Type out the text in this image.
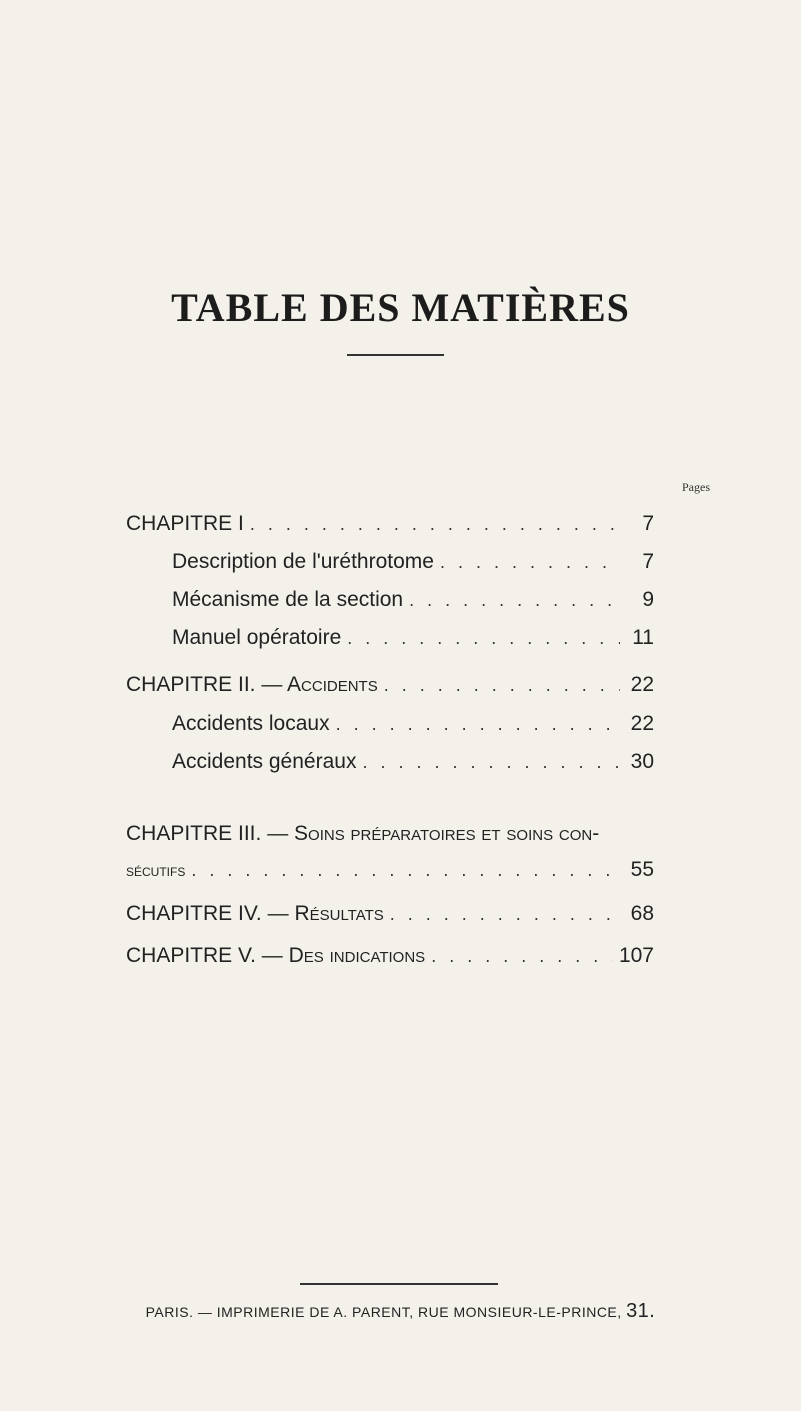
TABLE DES MATIÈRES
Pages
CHAPITRE I . . .	7
Description de l'uréthrotome . . .	7
Mécanisme de la section . . .	9
Manuel opératoire . . .	11
CHAPITRE II. — Accidents . . .	22
Accidents locaux . . .	22
Accidents généraux . . .	30
CHAPITRE III. — Soins préparatoires et soins con-
sécutifs . . .	55
CHAPITRE IV. — Résultats . . .	68
CHAPITRE V. — Des indications . . .	107
PARIS. — IMPRIMERIE DE A. PARENT, RUE MONSIEUR-LE-PRINCE, 31.
